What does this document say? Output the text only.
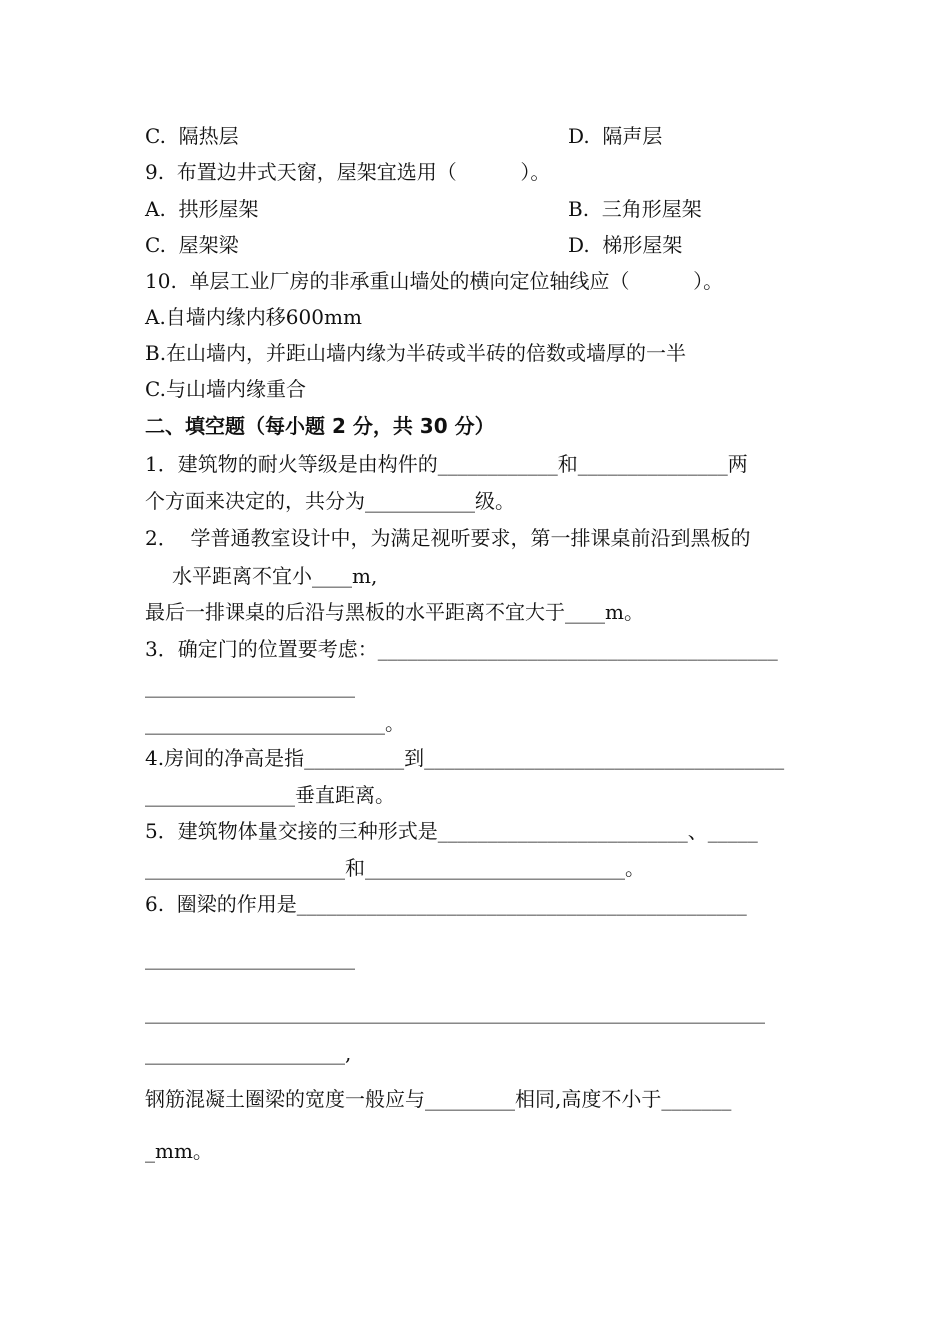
C.  隔热层	D.  隔声层
9.  布置边井式天窗，屋架宜选用（          ）。
A.  拱形屋架	B.  三角形屋架
C.  屋架梁	D.  梯形屋架
10.  单层工业厂房的非承重山墙处的横向定位轴线应（          ）。
A.自墙内缘内移600mm
B.在山墙内，并距山墙内缘为半砖或半砖的倍数或墙厚的一半
C.与山墙内缘重合
二、填空题（每小题 2 分，共 30 分）
1．建筑物的耐火等级是由构件的____________和_______________两
个方面来决定的，共分为___________级。
2．  学普通教室设计中，为满足视听要求，第一排课桌前沿到黑板的
水平距离不宜小____m,
最后一排课桌的后沿与黑板的水平距离不宜大于____m。
3．确定门的位置要考虑：________________________________________
_____________________
________________________。
4.房间的净高是指__________到____________________________________
_______________垂直距离。
5．建筑物体量交接的三种形式是_________________________、_____
____________________和__________________________。
6.  圈梁的作用是_____________________________________________
_____________________
______________________________________________________________
____________________,
钢筋混凝土圈梁的宽度一般应与_________相同,高度不小于_______
_mm。
